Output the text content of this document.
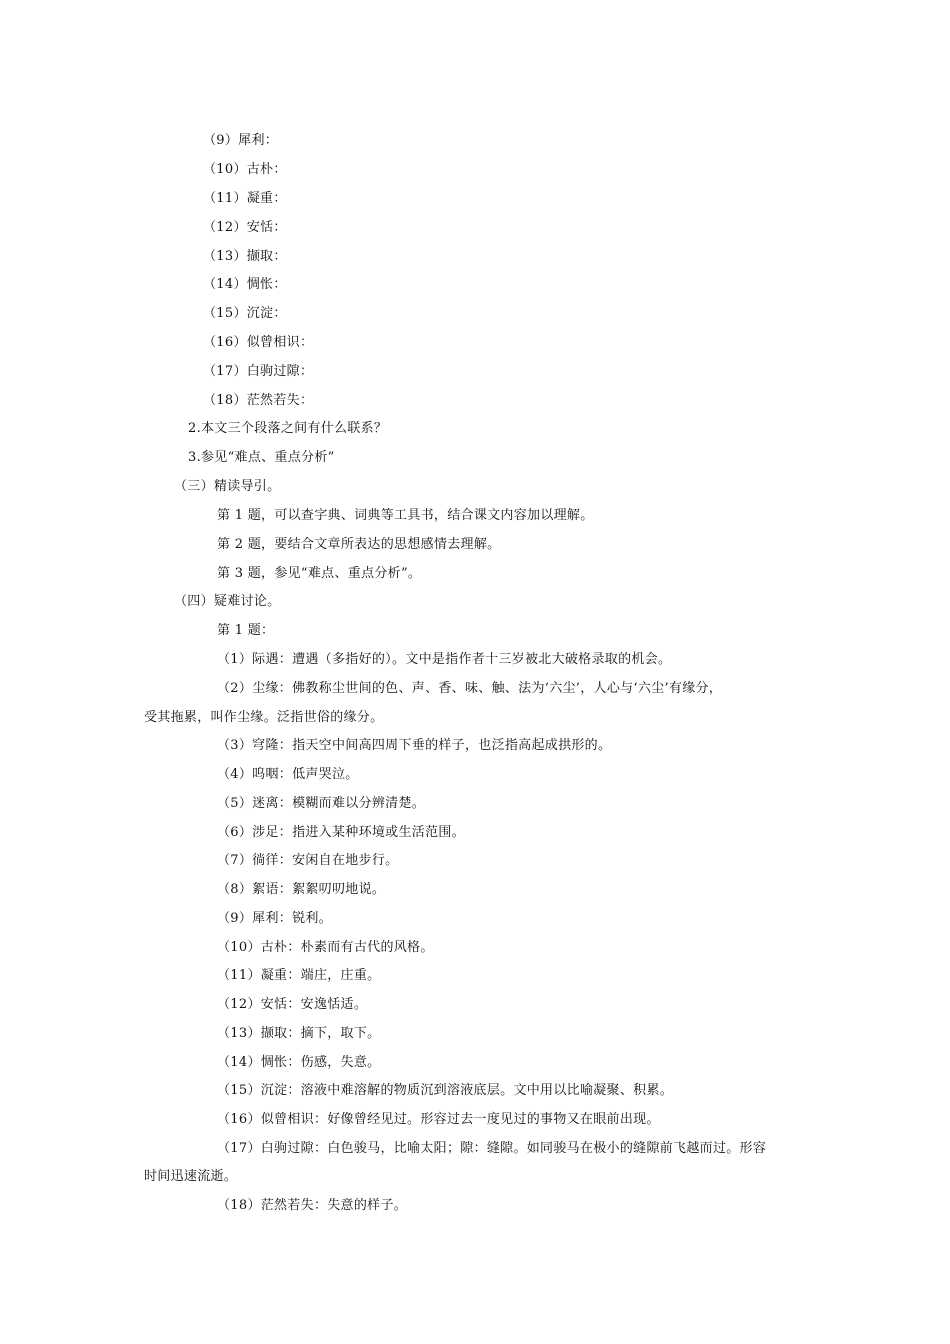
（9）犀利：
（10）古朴：
（11）凝重：
（12）安恬：
（13）撷取：
（14）惆怅：
（15）沉淀：
（16）似曾相识：
（17）白驹过隙：
（18）茫然若失：
2.本文三个段落之间有什么联系？
3.参见“难点、重点分析”
（三）精读导引。
第 1 题，可以查字典、词典等工具书，结合课文内容加以理解。
第 2 题，要结合文章所表达的思想感情去理解。
第 3 题，参见“难点、重点分析”。
（四）疑难讨论。
第 1 题：
（1）际遇：遭遇（多指好的）。文中是指作者十三岁被北大破格录取的机会。
（2）尘缘：佛教称尘世间的色、声、香、味、触、法为‘六尘’，人心与‘六尘’有缘分，
受其拖累，叫作尘缘。泛指世俗的缘分。
（3）穹隆：指天空中间高四周下垂的样子，也泛指高起成拱形的。
（4）呜咽：低声哭泣。
（5）迷离：模糊而难以分辨清楚。
（6）涉足：指进入某种环境或生活范围。
（7）徜徉：安闲自在地步行。
（8）絮语：絮絮叨叨地说。
（9）犀利：锐利。
（10）古朴：朴素而有古代的风格。
（11）凝重：端庄，庄重。
（12）安恬：安逸恬适。
（13）撷取：摘下，取下。
（14）惆怅：伤感，失意。
（15）沉淀：溶液中难溶解的物质沉到溶液底层。文中用以比喻凝聚、积累。
（16）似曾相识：好像曾经见过。形容过去一度见过的事物又在眼前出现。
（17）白驹过隙：白色骏马，比喻太阳；隙：缝隙。如同骏马在极小的缝隙前飞越而过。形容
时间迅速流逝。
（18）茫然若失：失意的样子。
